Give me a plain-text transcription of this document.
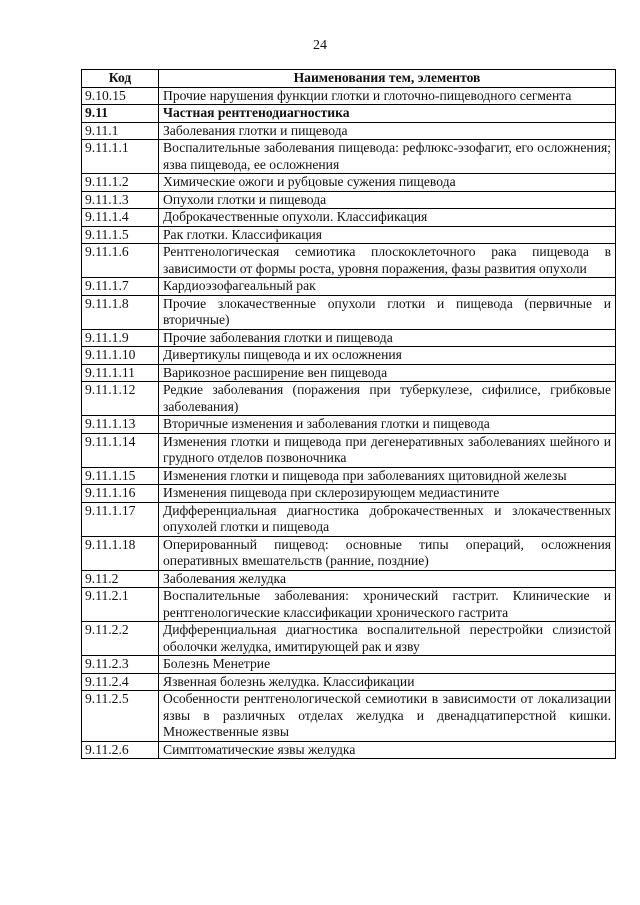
24
Код	Наименования тем, элементов
9.10.15	Прочие нарушения функции глотки и глоточно-пищеводного сегмента
9.11	Частная рентгенодиагностика
9.11.1	Заболевания глотки и пищевода
9.11.1.1	Воспалительные заболевания пищевода: рефлюкс-эзофагит, его осложнения; язва пищевода, ее осложнения
9.11.1.2	Химические ожоги и рубцовые сужения пищевода
9.11.1.3	Опухоли глотки и пищевода
9.11.1.4	Доброкачественные опухоли. Классификация
9.11.1.5	Рак глотки. Классификация
9.11.1.6	Рентгенологическая семиотика плоскоклеточного рака пищевода в зависимости от формы роста, уровня поражения, фазы развития опухоли
9.11.1.7	Кардиоэзофагеальный рак
9.11.1.8	Прочие злокачественные опухоли глотки и пищевода (первичные и вторичные)
9.11.1.9	Прочие заболевания глотки и пищевода
9.11.1.10	Дивертикулы пищевода и их осложнения
9.11.1.11	Варикозное расширение вен пищевода
9.11.1.12	Редкие заболевания (поражения при туберкулезе, сифилисе, грибковые заболевания)
9.11.1.13	Вторичные изменения и заболевания глотки и пищевода
9.11.1.14	Изменения глотки и пищевода при дегенеративных заболеваниях шейного и грудного отделов позвоночника
9.11.1.15	Изменения глотки и пищевода при заболеваниях щитовидной железы
9.11.1.16	Изменения пищевода при склерозирующем медиастините
9.11.1.17	Дифференциальная диагностика доброкачественных и злокачественных опухолей глотки и пищевода
9.11.1.18	Оперированный пищевод: основные типы операций, осложнения оперативных вмешательств (ранние, поздние)
9.11.2	Заболевания желудка
9.11.2.1	Воспалительные заболевания: хронический гастрит. Клинические и рентгенологические классификации хронического гастрита
9.11.2.2	Дифференциальная диагностика воспалительной перестройки слизистой оболочки желудка, имитирующей рак и язву
9.11.2.3	Болезнь Менетрие
9.11.2.4	Язвенная болезнь желудка. Классификации
9.11.2.5	Особенности рентгенологической семиотики в зависимости от локализации язвы в различных отделах желудка и двенадцатиперстной кишки. Множественные язвы
9.11.2.6	Симптоматические язвы желудка
